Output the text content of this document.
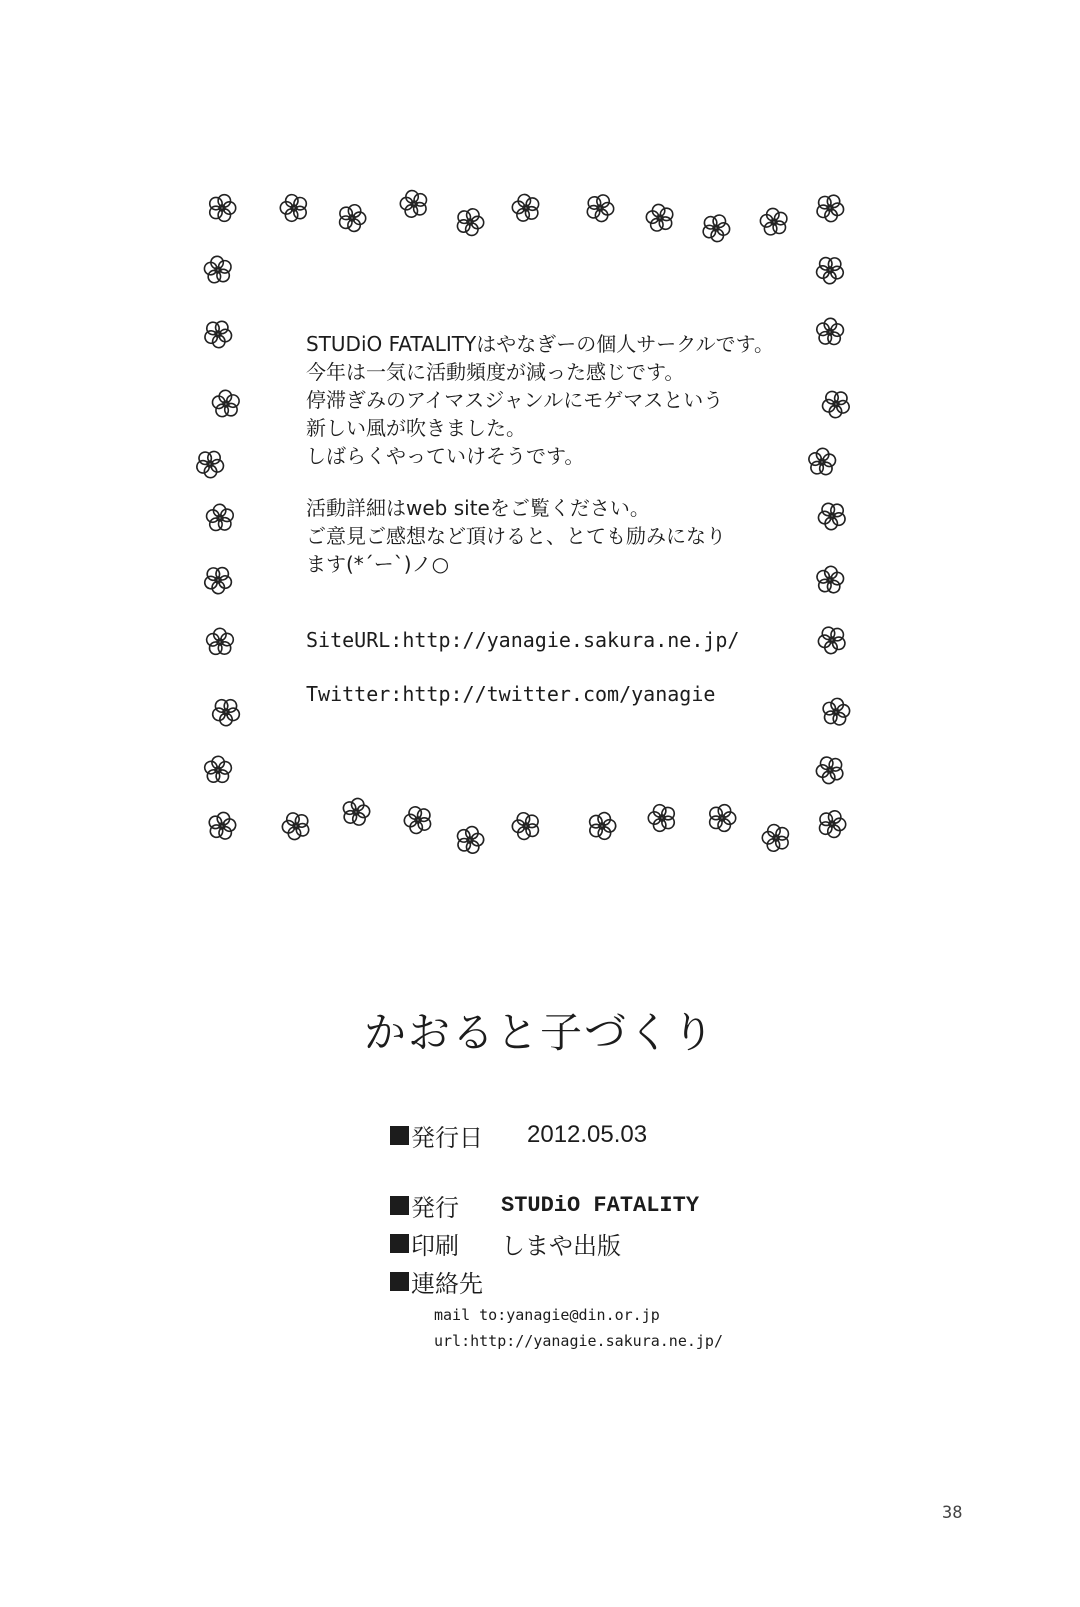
STUDiO FATALITYはやなぎーの個人サークルです。
今年は一気に活動頻度が減った感じです。
停滞ぎみのアイマスジャンルにモゲマスという
新しい風が吹きました。
しばらくやっていけそうです。
活動詳細はweb siteをご覧ください。
ご意見ご感想など頂けると、とても励みになり
ます(*´ー`)ノ○
SiteURL:http://yanagie.sakura.ne.jp/
Twitter:http://twitter.com/yanagie
かおると子づくり
発行日 2012.05.03
発行	STUDiO FATALITY
印刷	しまや出版
連絡先
mail to:yanagie@din.or.jp
url:http://yanagie.sakura.ne.jp/
38
